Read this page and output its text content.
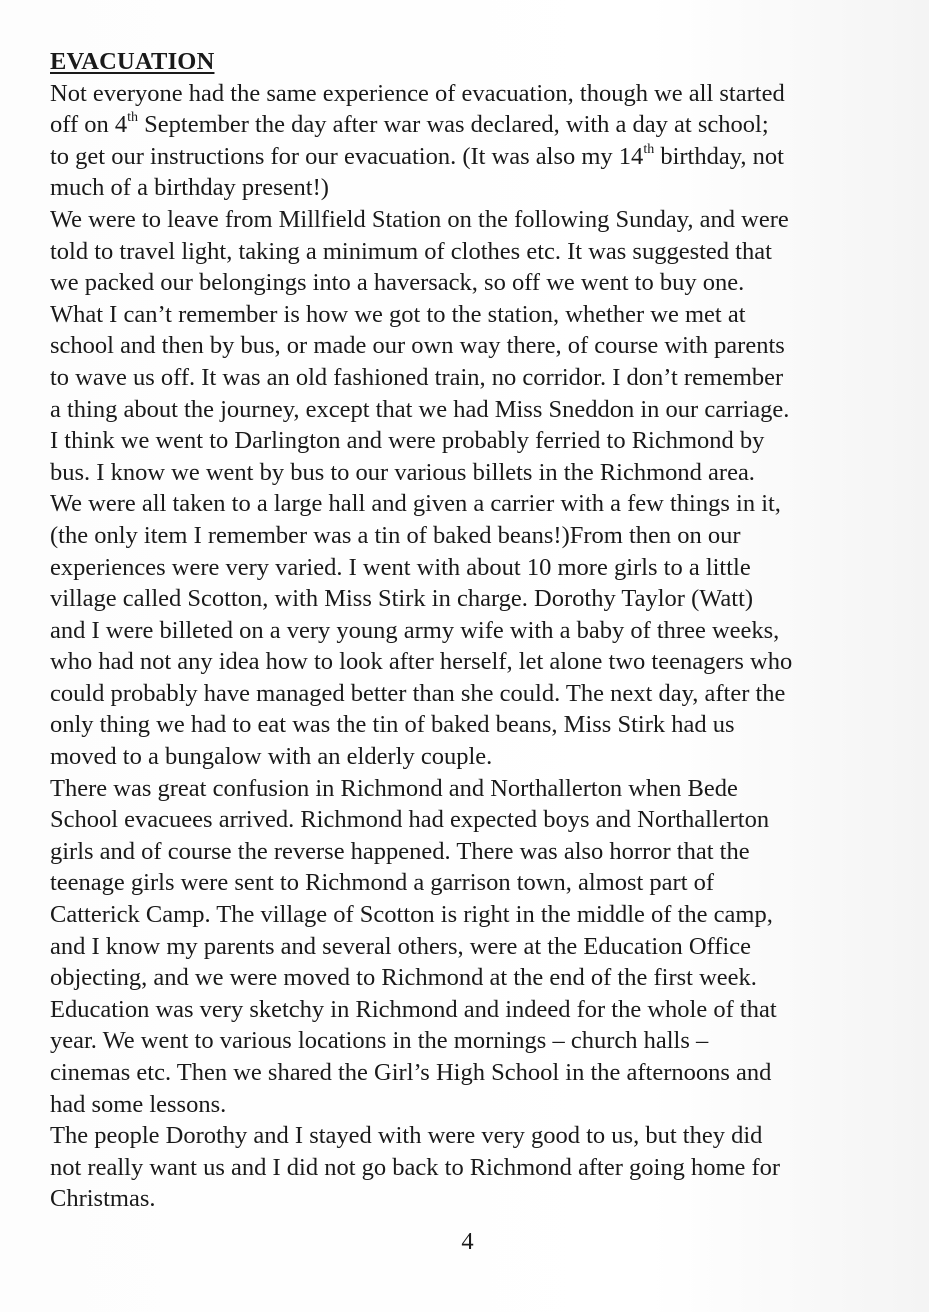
EVACUATION
Not everyone had the same experience of evacuation, though we all started
off on 4th September the day after war was declared, with a day at school;
to get our instructions for our evacuation. (It was also my 14th birthday, not
much of a birthday present!)
We were to leave from Millfield Station on the following Sunday, and were
told to travel light, taking a minimum of clothes etc. It was suggested that
we packed our belongings into a haversack, so off we went to buy one.
What I can’t remember is how we got to the station, whether we met at
school and then by bus, or made our own way there, of course with parents
to wave us off. It was an old fashioned train, no corridor. I don’t remember
a thing about the journey, except that we had Miss Sneddon in our carriage.
I think we went to Darlington and were probably ferried to Richmond by
bus. I know we went by bus to our various billets in the Richmond area.
We were all taken to a large hall and given a carrier with a few things in it,
(the only item I remember was a tin of baked beans!)From then on our
experiences were very varied. I went with about 10 more girls to a little
village called Scotton, with Miss Stirk in charge. Dorothy Taylor (Watt)
and I were billeted on a very young army wife with a baby of three weeks,
who had not any idea how to look after herself, let alone two teenagers who
could probably have managed better than she could. The next day, after the
only thing we had to eat was the tin of baked beans, Miss Stirk had us
moved to a bungalow with an elderly couple.
There was great confusion in Richmond and Northallerton when Bede
School evacuees arrived. Richmond had expected boys and Northallerton
girls and of course the reverse happened. There was also horror that the
teenage girls were sent to Richmond a garrison town, almost part of
Catterick Camp. The village of Scotton is right in the middle of the camp,
and I know my parents and several others, were at the Education Office
objecting, and we were moved to Richmond at the end of the first week.
Education was very sketchy in Richmond and indeed for the whole of that
year. We went to various locations in the mornings – church halls –
cinemas etc. Then we shared the Girl’s High School in the afternoons and
had some lessons.
The people Dorothy and I stayed with were very good to us, but they did
not really want us and I did not go back to Richmond after going home for
Christmas.
4
